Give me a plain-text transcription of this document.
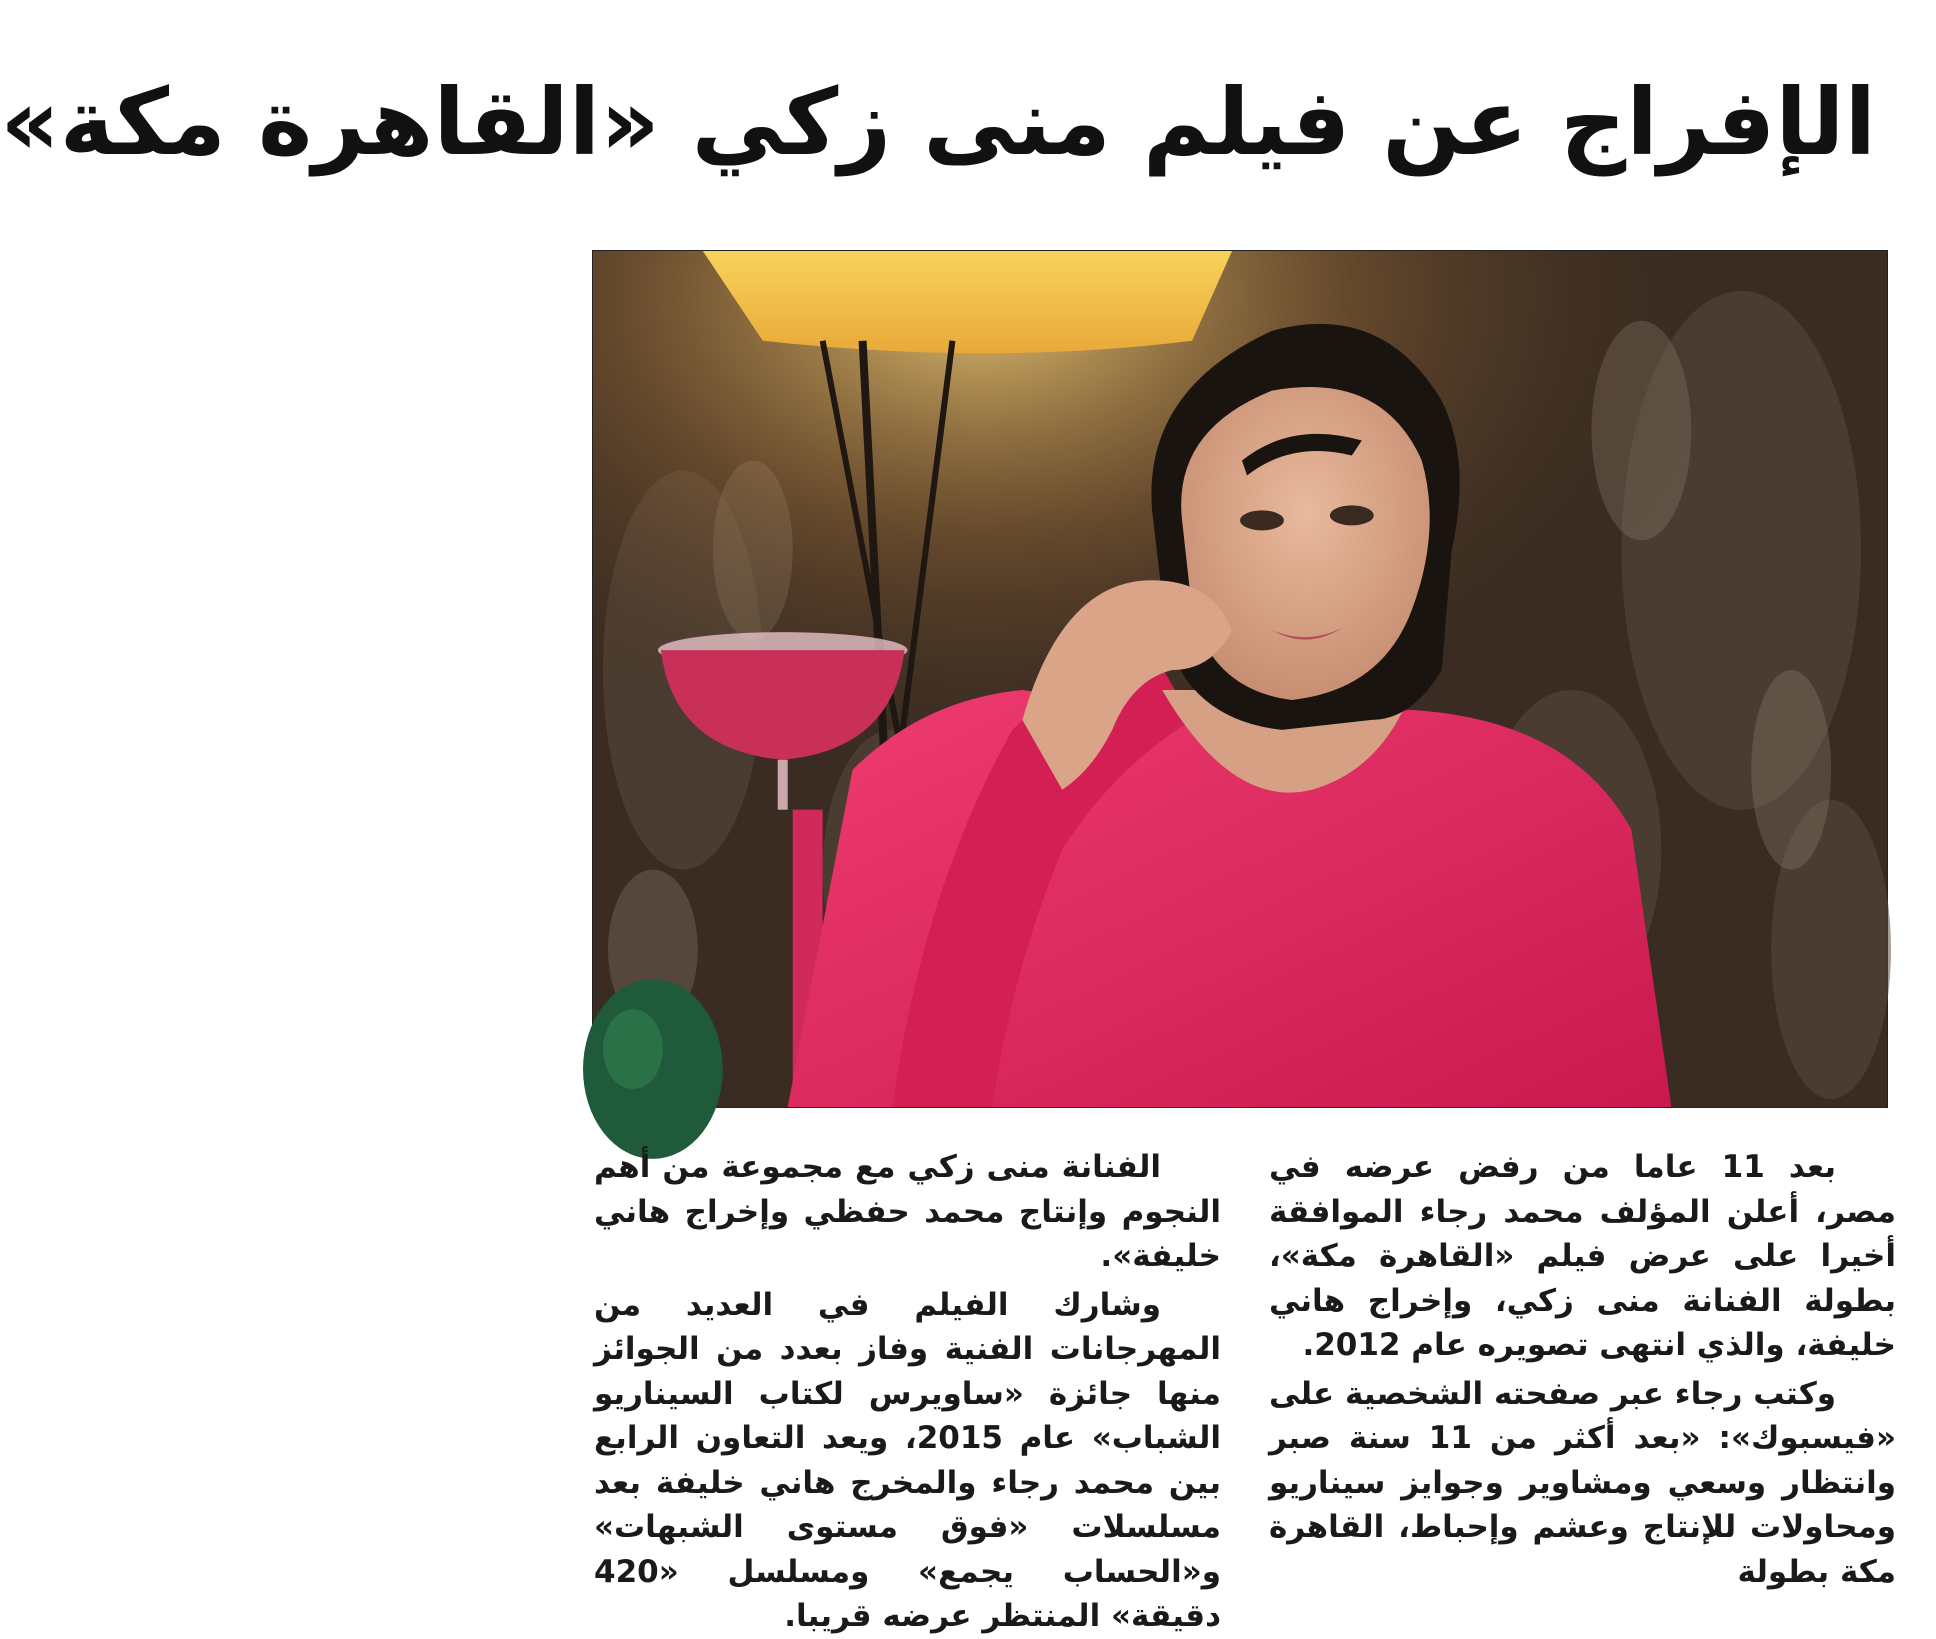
الإفراج عن فيلم منى زكي «القاهرة مكة»

بعد 11 عاما من رفض عرضه في مصر، أعلن المؤلف محمد رجاء الموافقة أخيرا على عرض فيلم «القاهرة مكة»، بطولة الفنانة منى زكي، وإخراج هاني خليفة، والذي انتهى تصويره عام 2012.

وكتب رجاء عبر صفحته الشخصية على «فيسبوك»: «بعد أكثر من 11 سنة صبر وانتظار وسعي ومشاوير وجوايز سيناريو ومحاولات للإنتاج وعشم وإحباط، القاهرة مكة بطولة

الفنانة منى زكي مع مجموعة من أهم النجوم وإنتاج محمد حفظي وإخراج هاني خليفة».

وشارك الفيلم في العديد من المهرجانات الفنية وفاز بعدد من الجوائز منها جائزة «ساويرس لكتاب السيناريو الشباب» عام 2015، ويعد التعاون الرابع بين محمد رجاء والمخرج هاني خليفة بعد مسلسلات «فوق مستوى الشبهات» و«الحساب يجمع» ومسلسل «420 دقيقة» المنتظر عرضه قريبا.
